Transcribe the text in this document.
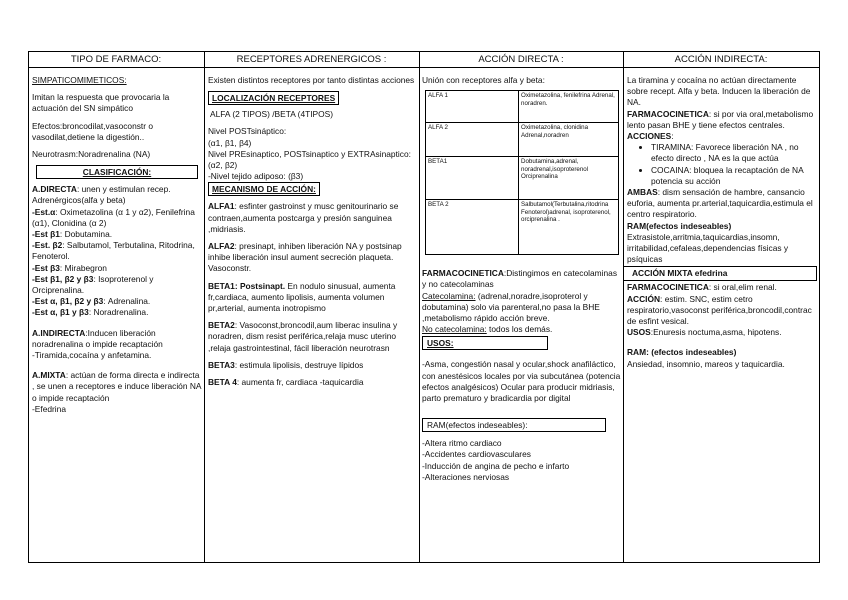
TIPO DE FARMACO:	RECEPTORES ADRENERGICOS :	ACCIÓN DIRECTA :	ACCIÓN INDIRECTA:

SIMPATICOMIMETICOS:

Imitan la respuesta que provocaria la actuación del SN simpático

Efectos:broncodilat,vasoconstr o vasodilat,detiene la digestión..

Neurotrasm:Noradrenalina (NA)

CLASIFICACIÓN:

A.DIRECTA: unen y estimulan recep. Adrenérgicos(alfa y beta)

-Est.α: Oximetazolina (α 1 y α2), Fenilefrina (α1), Clonidina (α 2)

-Est β1: Dobutamina.

-Est. β2: Salbutamol, Terbutalina, Ritodrina, Fenoterol.

-Est β3: Mirabegron

-Est β1, β2 y β3: Isoproterenol y Orciprenalina.

-Est α, β1, β2 y β3: Adrenalina.

-Est α, β1 y β3: Noradrenalina.

A.INDIRECTA:Inducen liberación noradrenalina o impide recaptación

-Tiramida,cocaína y anfetamina.

A.MIXTA: actúan de forma directa e indirecta , se unen a receptores e induce liberación NA o impide recaptación

-Efedrina

Existen distintos receptores por tanto distintas acciones

LOCALIZACIÓN RECEPTORES

ALFA (2 TIPOS) /BETA (4TIPOS)

Nivel POSTsináptico:

(α1, β1, β4)

Nivel PREsinaptico, POSTsinaptico y EXTRAsinaptico:

(α2, β2)

-Nivel tejido adiposo: (β3)

MECANISMO DE ACCIÓN:

ALFA1: esfinter gastroinst y musc genitourinario se contraen,aumenta postcarga y presión sanguinea ,midriasis.

ALFA2: presinapt, inhiben liberación NA y postsinap inhibe liberación insul aument secreción plaqueta. Vasoconstr.

BETA1: Postsinapt. En nodulo sinusual, aumenta fr,cardiaca, aumento lipolisis, aumenta volumen pr,arterial, aumenta inotropismo

BETA2: Vasoconst,broncodil,aum liberac insulina y noradren, dism resist periférica,relaja musc uterino ,relaja gastrointestinal, fácil liberación neurotrasn

BETA3: estimula lipolisis, destruye lípidos

BETA 4: aumenta fr, cardiaca -taquicardia

Unión con receptores alfa y beta:

ALFA 1	Oximetazolina, fenilefrina Adrenal, noradren.
ALFA 2	Oximetazolina, clonidina Adrenal,noradren
BETA1	Dobutamina,adrenal, noradrenal,isoproterenol Orciprenalina
BETA 2	Salbutamol(Terbutalina,ritodrina Fenoterol)adrenal, isoproterenol, orciprenalina .

FARMACOCINETICA:Distingimos en catecolaminas y no catecolaminas

Catecolamina: (adrenal,noradre,isoproterol y dobutamina) solo via parenteral,no pasa la BHE ,metabolismo rápido acción breve.

No catecolamina: todos los demás.

USOS:

-Asma, congestión nasal y ocular,shock anafiláctico, con anestésicos locales por via subcutánea (potencia efectos analgésicos) Ocular para producir midriasis, parto prematuro y bradicardia por digital

RAM(efectos indeseables):

-Altera ritmo cardiaco

-Accidentes cardiovasculares

-Inducción de angina de pecho e infarto

-Alteraciones nerviosas

La tiramina y cocaína no actúan directamente sobre recept. Alfa y beta. Inducen la liberación de NA.

FARMACOCINETICA: si por via oral,metabolismo lento pasan BHE y tiene efectos centrales.

ACCIONES:

• TIRAMINA: Favorece liberación NA , no efecto directo , NA es la que actúa
• COCAINA: bloquea la recaptación de NA potencia su acción

AMBAS: dism sensación de hambre, cansancio euforia, aumenta pr.arterial,taquicardia,estimula el centro respiratorio.

RAM(efectos indeseables)

Extrasistole,arritmia,taquicardias,insomn, irritabilidad,cefaleas,dependencias físicas y psíquicas

ACCIÓN MIXTA efedrina

FARMACOCINETICA: si oral,elim renal.

ACCIÓN: estim. SNC, estim cetro respiratorio,vasoconst periférica,broncodil,contrac de esfint vesical.

USOS:Enuresis noctuma,asma, hipotens.

RAM: (efectos indeseables)

Ansiedad, insomnio, mareos y taquicardia.
